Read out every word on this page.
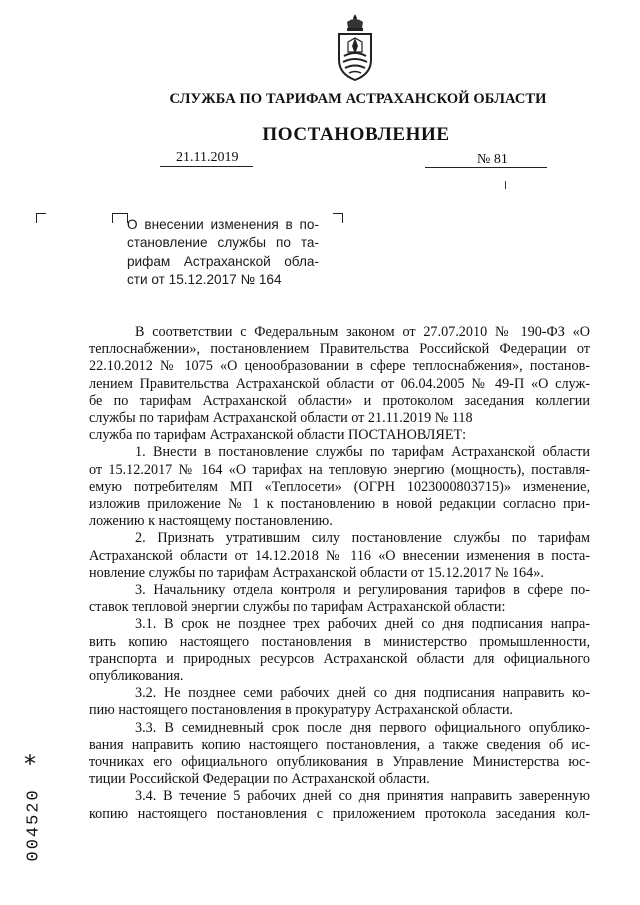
СЛУЖБА ПО ТАРИФАМ АСТРАХАНСКОЙ ОБЛАСТИ
ПОСТАНОВЛЕНИЕ
21.11.2019	№ 81

О внесении изменения в по-

становление службы по та-

рифам Астраханской обла-

сти от 15.12.2017 № 164

В соответствии с Федеральным законом от 27.07.2010 № 190-ФЗ «О
теплоснабжении», постановлением Правительства Российской Федерации от
22.10.2012 № 1075 «О ценообразовании в сфере теплоснабжения», постанов-
лением Правительства Астраханской области от 06.04.2005 № 49-П «О служ-
бе по тарифам Астраханской области» и протоколом заседания коллегии
службы по тарифам Астраханской области от 21.11.2019 № 118
служба по тарифам Астраханской области ПОСТАНОВЛЯЕТ:
1. Внести в постановление службы по тарифам Астраханской области
от 15.12.2017 № 164 «О тарифах на тепловую энергию (мощность), поставля-
емую потребителям МП «Теплосети» (ОГРН 1023000803715)» изменение,
изложив приложение № 1 к постановлению в новой редакции согласно при-
ложению к настоящему постановлению.
2. Признать утратившим силу постановление службы по тарифам
Астраханской области от 14.12.2018 № 116 «О внесении изменения в поста-
новление службы по тарифам Астраханской области от 15.12.2017 № 164».
3. Начальнику отдела контроля и регулирования тарифов в сфере по-
ставок тепловой энергии службы по тарифам Астраханской области:
3.1. В срок не позднее трех рабочих дней со дня подписания напра-
вить копию настоящего постановления в министерство промышленности,
транспорта и природных ресурсов Астраханской области для официального
опубликования.
3.2. Не позднее семи рабочих дней со дня подписания направить ко-
пию настоящего постановления в прокуратуру Астраханской области.
3.3. В семидневный срок после дня первого официального опублико-
вания направить копию настоящего постановления, а также сведения об ис-
точниках его официального опубликования в Управление Министерства юс-
тиции Российской Федерации по Астраханской области.
3.4. В течение 5 рабочих дней со дня принятия направить заверенную
копию настоящего постановления с приложением протокола заседания кол-
*
004520
